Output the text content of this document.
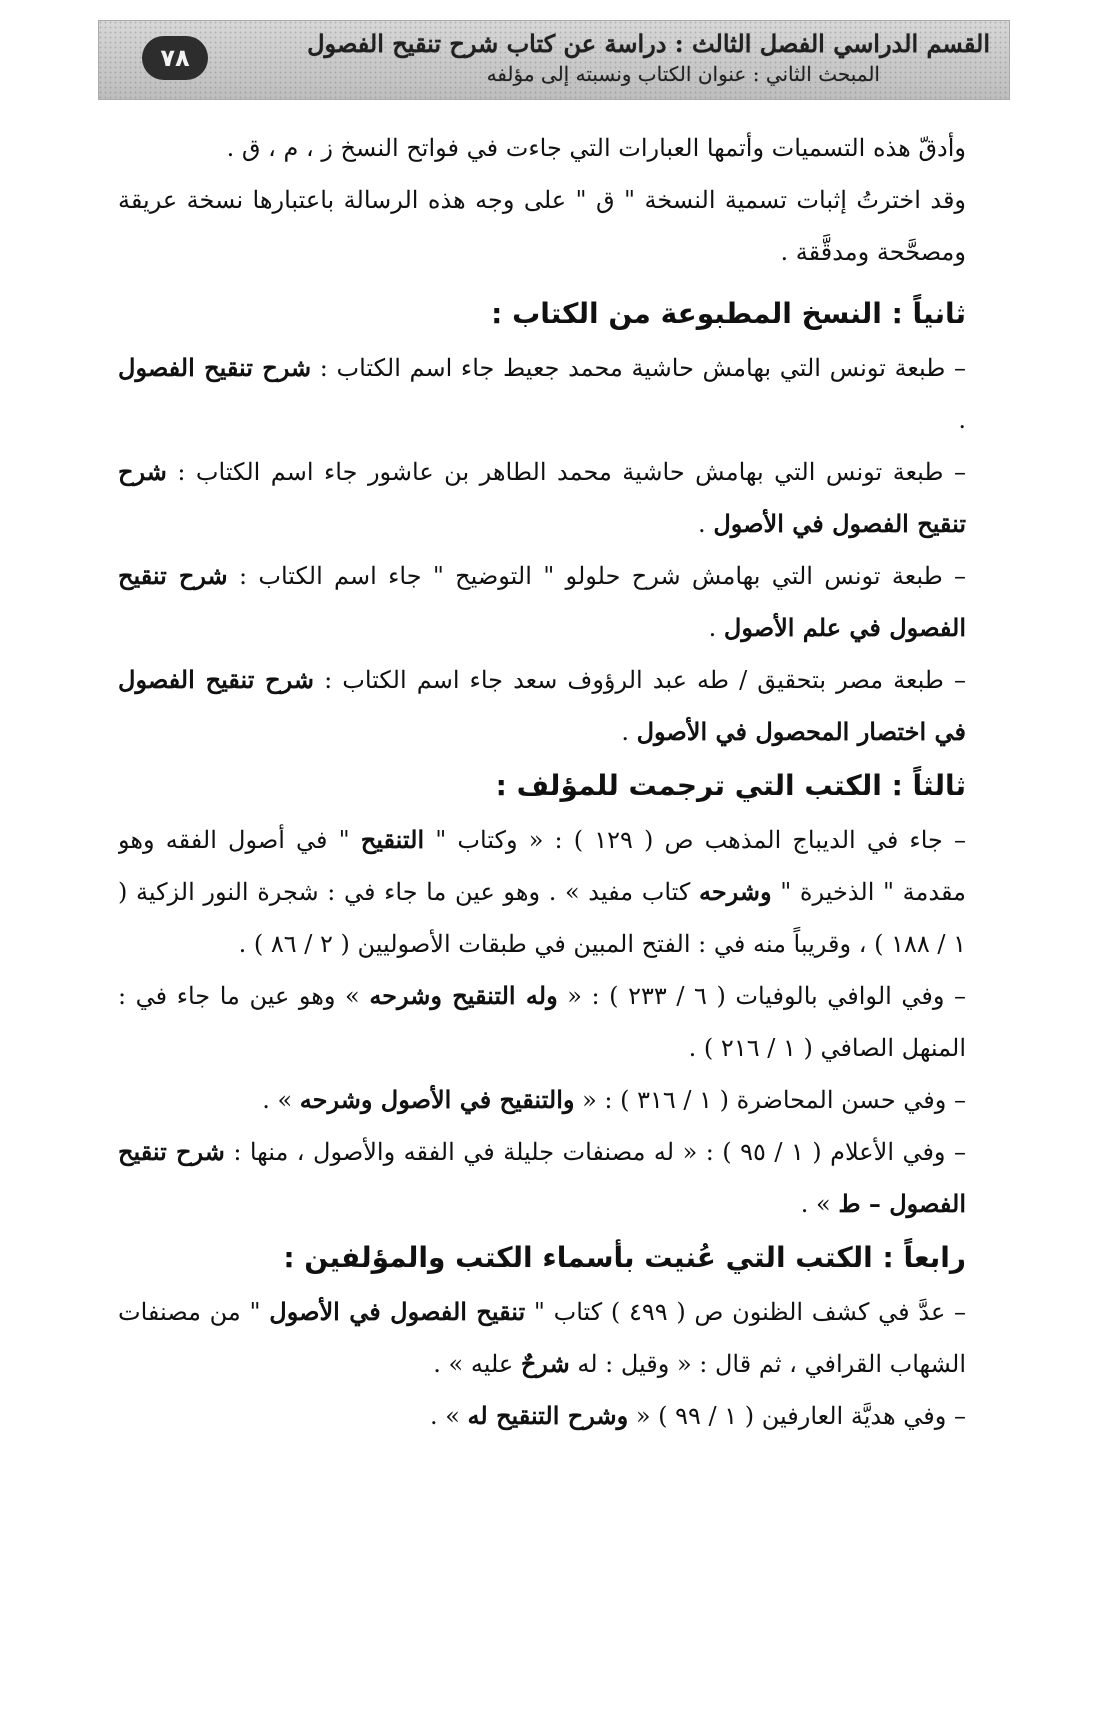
٧٨	القسم الدراسي الفصل الثالث : دراسة عن كتاب شرح تنقيح الفصول
المبحث الثاني : عنوان الكتاب ونسبته إلى مؤلفه

وأدقّ هذه التسميات وأتمها العبارات التي جاءت في فواتح النسخ ز ، م ، ق .

وقد اخترتُ إثبات تسمية النسخة " ق " على وجه هذه الرسالة باعتبارها نسخة عريقة ومصحَّحة ومدقَّقة .

ثانياً : النسخ المطبوعة من الكتاب :

– طبعة تونس التي بهامش حاشية محمد جعيط جاء اسم الكتاب : شرح تنقيح الفصول .

– طبعة تونس التي بهامش حاشية محمد الطاهر بن عاشور جاء اسم الكتاب : شرح تنقيح الفصول في الأصول .

– طبعة تونس التي بهامش شرح حلولو " التوضيح " جاء اسم الكتاب : شرح تنقيح الفصول في علم الأصول .

– طبعة مصر بتحقيق / طه عبد الرؤوف سعد جاء اسم الكتاب : شرح تنقيح الفصول في اختصار المحصول في الأصول .

ثالثاً : الكتب التي ترجمت للمؤلف :

– جاء في الديباج المذهب ص ( ١٢٩ ) : « وكتاب " التنقيح " في أصول الفقه وهو مقدمة " الذخيرة " وشرحه كتاب مفيد » . وهو عين ما جاء في : شجرة النور الزكية ( ١ / ١٨٨ ) ، وقريباً منه في : الفتح المبين في طبقات الأصوليين ( ٢ / ٨٦ ) .

– وفي الوافي بالوفيات ( ٦ / ٢٣٣ ) : « وله التنقيح وشرحه » وهو عين ما جاء في : المنهل الصافي ( ١ / ٢١٦ ) .

– وفي حسن المحاضرة ( ١ / ٣١٦ ) : « والتنقيح في الأصول وشرحه » .

– وفي الأعلام ( ١ / ٩٥ ) : « له مصنفات جليلة في الفقه والأصول ، منها : شرح تنقيح الفصول – ط » .

رابعاً : الكتب التي عُنيت بأسماء الكتب والمؤلفين :

– عدَّ في كشف الظنون ص ( ٤٩٩ ) كتاب " تنقيح الفصول في الأصول " من مصنفات الشهاب القرافي ، ثم قال : « وقيل : له شرحٌ عليه » .

– وفي هديَّة العارفين ( ١ / ٩٩ ) « وشرح التنقيح له » .
